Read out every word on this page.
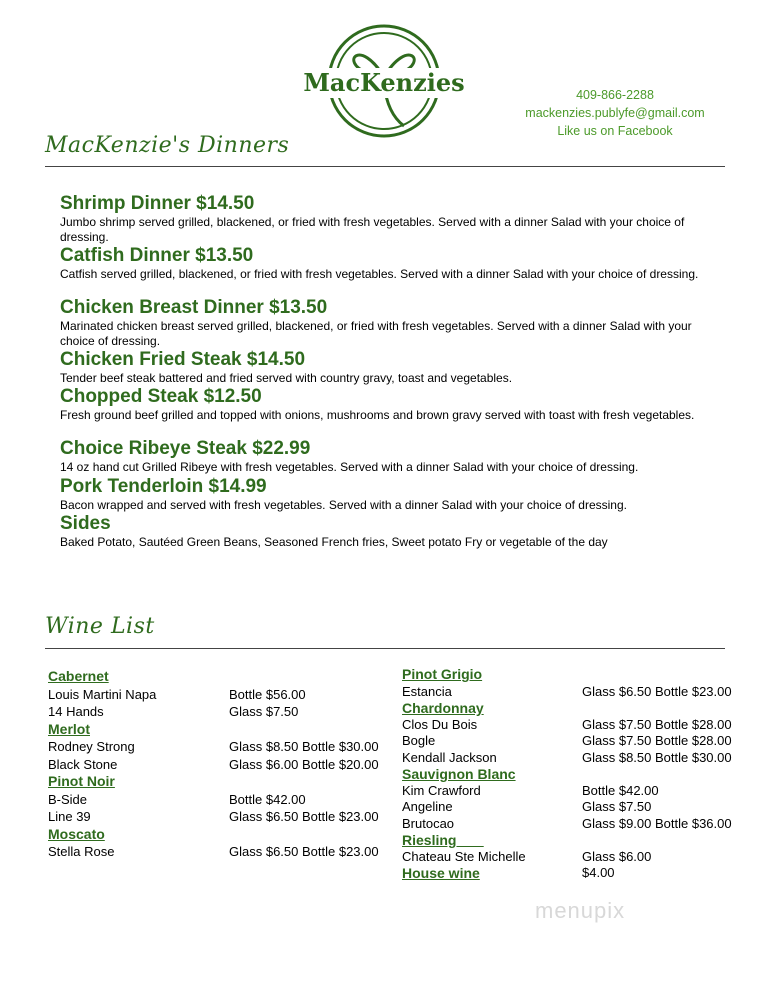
MacKenzies	409-866-2288
mackenzies.publyfe@gmail.com
Like us on Facebook
MacKenzie's Dinners
Shrimp Dinner $14.50
Jumbo shrimp served grilled, blackened, or fried with fresh vegetables. Served with a dinner Salad with your choice of dressing.
Catfish Dinner $13.50
Catfish served grilled, blackened, or fried with fresh vegetables. Served with a dinner Salad with your choice of dressing.
Chicken Breast Dinner $13.50
Marinated chicken breast served grilled, blackened, or fried with fresh vegetables. Served with a dinner Salad with your choice of dressing.
Chicken Fried Steak $14.50
Tender beef steak battered and fried served with country gravy, toast and vegetables.
Chopped Steak $12.50
Fresh ground beef grilled and topped with onions, mushrooms and brown gravy served with toast with fresh vegetables.
Choice Ribeye Steak $22.99
14 oz hand cut Grilled Ribeye with fresh vegetables. Served with a dinner Salad with your choice of dressing.
Pork Tenderloin $14.99
Bacon wrapped and served with fresh vegetables. Served with a dinner Salad with your choice of dressing.
Sides
Baked Potato, Sautéed Green Beans, Seasoned French fries, Sweet potato Fry or vegetable of the day
Wine List
Cabernet
Louis Martini Napa	Bottle $56.00
14 Hands	Glass $7.50
Merlot
Rodney Strong	Glass $8.50 Bottle $30.00
Black Stone	Glass $6.00 Bottle $20.00
Pinot Noir
B-Side	Bottle $42.00
Line 39	Glass $6.50 Bottle $23.00
Moscato
Stella Rose	Glass $6.50 Bottle $23.00
Pinot Grigio
Estancia	Glass $6.50 Bottle $23.00
Chardonnay
Clos Du Bois	Glass $7.50 Bottle $28.00
Bogle	Glass $7.50 Bottle $28.00
Kendall Jackson	Glass $8.50 Bottle $30.00
Sauvignon Blanc
Kim Crawford	Bottle $42.00
Angeline	Glass $7.50
Brutocao	Glass $9.00 Bottle $36.00
Riesling
Chateau Ste Michelle	Glass $6.00
House wine	$4.00
menupix
